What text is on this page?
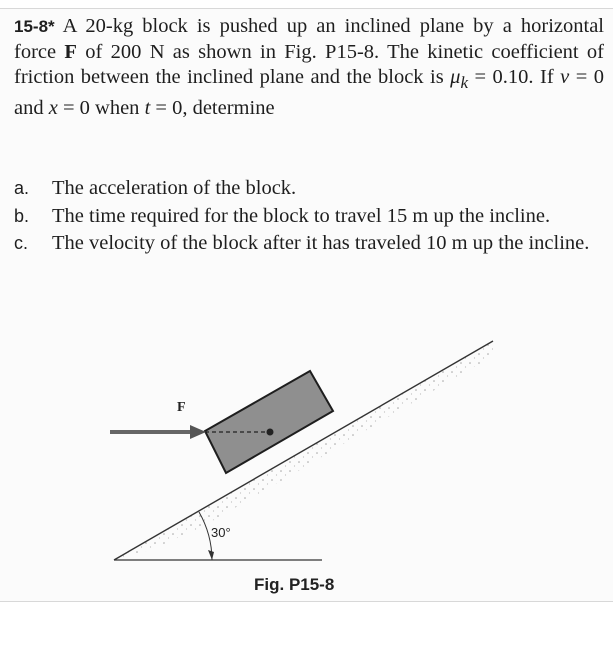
15-8* A 20-kg block is pushed up an inclined plane by a horizontal force F of 200 N as shown in Fig. P15-8. The kinetic coefficient of friction between the inclined plane and the block is $\mu_k = 0.10$. If v = 0 and x = 0 when t = 0, determine
a.	The acceleration of the block.
b.	The time required for the block to travel 15 m up the incline.
c.	The velocity of the block after it has traveled 10 m up the incline.
F
30°
Fig. P15-8
